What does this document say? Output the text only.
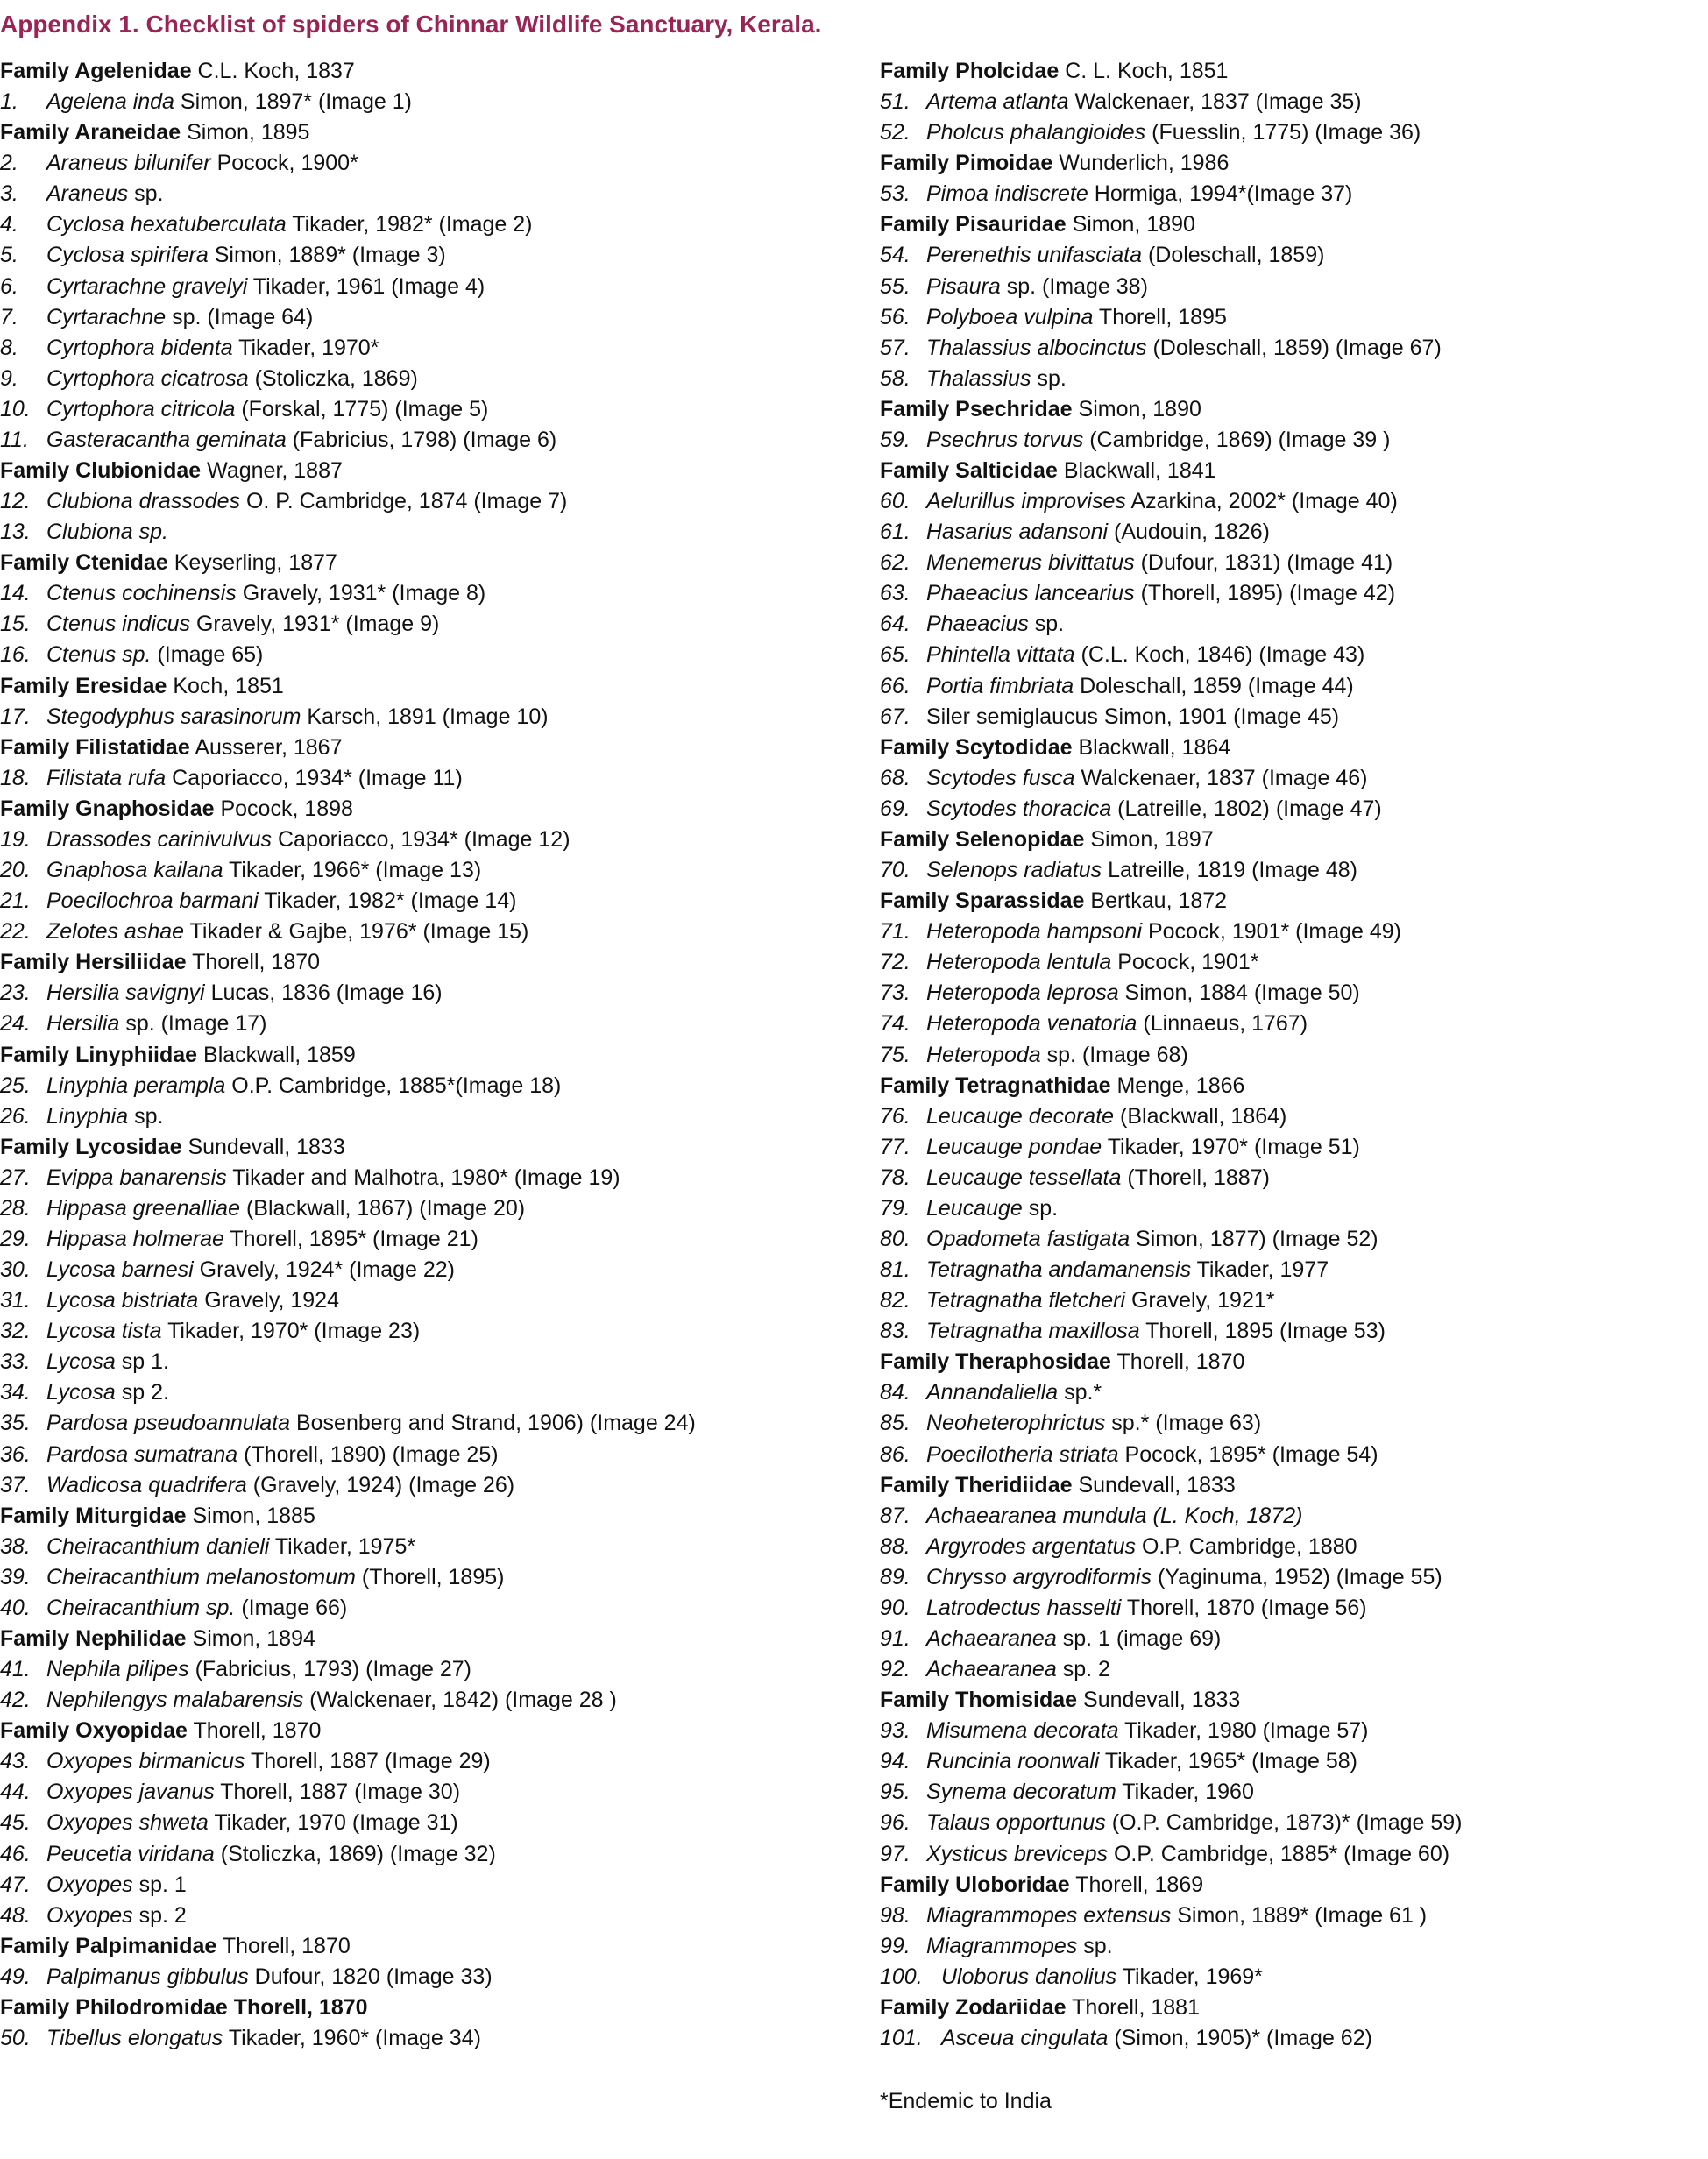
Appendix 1. Checklist of spiders of Chinnar Wildlife Sanctuary, Kerala.
Family Agelenidae C.L. Koch, 1837
1. Agelena inda Simon, 1897* (Image 1)
Family Araneidae Simon, 1895
2. Araneus bilunifer Pocock, 1900*
3. Araneus sp.
4. Cyclosa hexatuberculata Tikader, 1982* (Image 2)
5. Cyclosa spirifera Simon, 1889* (Image 3)
6. Cyrtarachne gravelyi Tikader, 1961 (Image 4)
7. Cyrtarachne sp. (Image 64)
8. Cyrtophora bidenta Tikader, 1970*
9. Cyrtophora cicatrosa (Stoliczka, 1869)
10. Cyrtophora citricola (Forskal, 1775) (Image 5)
11. Gasteracantha geminata (Fabricius, 1798) (Image 6)
Family Clubionidae Wagner, 1887
12. Clubiona drassodes O. P. Cambridge, 1874 (Image 7)
13. Clubiona sp.
Family Ctenidae Keyserling, 1877
14. Ctenus cochinensis Gravely, 1931* (Image 8)
15. Ctenus indicus Gravely, 1931* (Image 9)
16. Ctenus sp. (Image 65)
Family Eresidae Koch, 1851
17. Stegodyphus sarasinorum Karsch, 1891 (Image 10)
Family Filistatidae Ausserer, 1867
18. Filistata rufa Caporiacco, 1934* (Image 11)
Family Gnaphosidae Pocock, 1898
19. Drassodes carinivulvus Caporiacco, 1934* (Image 12)
20. Gnaphosa kailana Tikader, 1966* (Image 13)
21. Poecilochroa barmani Tikader, 1982* (Image 14)
22. Zelotes ashae Tikader & Gajbe, 1976* (Image 15)
Family Hersiliidae Thorell, 1870
23. Hersilia savignyi Lucas, 1836 (Image 16)
24. Hersilia sp. (Image 17)
Family Linyphiidae Blackwall, 1859
25. Linyphia perampla O.P. Cambridge, 1885*(Image 18)
26. Linyphia sp.
Family Lycosidae Sundevall, 1833
27. Evippa banarensis Tikader and Malhotra, 1980* (Image 19)
28. Hippasa greenalliae (Blackwall, 1867) (Image 20)
29. Hippasa holmerae Thorell, 1895* (Image 21)
30. Lycosa barnesi Gravely, 1924* (Image 22)
31. Lycosa bistriata Gravely, 1924
32. Lycosa tista Tikader, 1970* (Image 23)
33. Lycosa sp 1.
34. Lycosa sp 2.
35. Pardosa pseudoannulata Bosenberg and Strand, 1906) (Image 24)
36. Pardosa sumatrana (Thorell, 1890) (Image 25)
37. Wadicosa quadrifera (Gravely, 1924) (Image 26)
Family Miturgidae Simon, 1885
38. Cheiracanthium danieli Tikader, 1975*
39. Cheiracanthium melanostomum (Thorell, 1895)
40. Cheiracanthium sp. (Image 66)
Family Nephilidae Simon, 1894
41. Nephila pilipes (Fabricius, 1793) (Image 27)
42. Nephilengys malabarensis (Walckenaer, 1842) (Image 28 )
Family Oxyopidae Thorell, 1870
43. Oxyopes birmanicus Thorell, 1887 (Image 29)
44. Oxyopes javanus Thorell, 1887 (Image 30)
45. Oxyopes shweta Tikader, 1970 (Image 31)
46. Peucetia viridana (Stoliczka, 1869) (Image 32)
47. Oxyopes sp. 1
48. Oxyopes sp. 2
Family Palpimanidae Thorell, 1870
49. Palpimanus gibbulus Dufour, 1820 (Image 33)
Family Philodromidae Thorell, 1870
50. Tibellus elongatus Tikader, 1960* (Image 34)
Family Pholcidae C. L. Koch, 1851
51. Artema atlanta Walckenaer, 1837 (Image 35)
52. Pholcus phalangioides (Fuesslin, 1775) (Image 36)
Family Pimoidae Wunderlich, 1986
53. Pimoa indiscrete Hormiga, 1994*(Image 37)
Family Pisauridae Simon, 1890
54. Perenethis unifasciata (Doleschall, 1859)
55. Pisaura sp. (Image 38)
56. Polyboea vulpina Thorell, 1895
57. Thalassius albocinctus (Doleschall, 1859) (Image 67)
58. Thalassius sp.
Family Psechridae Simon, 1890
59. Psechrus torvus (Cambridge, 1869) (Image 39 )
Family Salticidae Blackwall, 1841
60. Aelurillus improvises Azarkina, 2002* (Image 40)
61. Hasarius adansoni (Audouin, 1826)
62. Menemerus bivittatus (Dufour, 1831) (Image 41)
63. Phaeacius lancearius (Thorell, 1895) (Image 42)
64. Phaeacius sp.
65. Phintella vittata (C.L. Koch, 1846) (Image 43)
66. Portia fimbriata Doleschall, 1859 (Image 44)
67. Siler semiglaucus Simon, 1901 (Image 45)
Family Scytodidae Blackwall, 1864
68. Scytodes fusca Walckenaer, 1837 (Image 46)
69. Scytodes thoracica (Latreille, 1802) (Image 47)
Family Selenopidae Simon, 1897
70. Selenops radiatus Latreille, 1819 (Image 48)
Family Sparassidae Bertkau, 1872
71. Heteropoda hampsoni Pocock, 1901* (Image 49)
72. Heteropoda lentula Pocock, 1901*
73. Heteropoda leprosa Simon, 1884 (Image 50)
74. Heteropoda venatoria (Linnaeus, 1767)
75. Heteropoda sp. (Image 68)
Family Tetragnathidae Menge, 1866
76. Leucauge decorate (Blackwall, 1864)
77. Leucauge pondae Tikader, 1970* (Image 51)
78. Leucauge tessellata (Thorell, 1887)
79. Leucauge sp.
80. Opadometa fastigata Simon, 1877) (Image 52)
81. Tetragnatha andamanensis Tikader, 1977
82. Tetragnatha fletcheri Gravely, 1921*
83. Tetragnatha maxillosa Thorell, 1895 (Image 53)
Family Theraphosidae Thorell, 1870
84. Annandaliella sp.*
85. Neoheterophrictus sp.* (Image 63)
86. Poecilotheria striata Pocock, 1895* (Image 54)
Family Theridiidae Sundevall, 1833
87. Achaearanea mundula (L. Koch, 1872)
88. Argyrodes argentatus O.P. Cambridge, 1880
89. Chrysso argyrodiformis (Yaginuma, 1952) (Image 55)
90. Latrodectus hasselti Thorell, 1870 (Image 56)
91. Achaearanea sp. 1 (image 69)
92. Achaearanea sp. 2
Family Thomisidae Sundevall, 1833
93. Misumena decorata Tikader, 1980 (Image 57)
94. Runcinia roonwali Tikader, 1965* (Image 58)
95. Synema decoratum Tikader, 1960
96. Talaus opportunus (O.P. Cambridge, 1873)* (Image 59)
97. Xysticus breviceps O.P. Cambridge, 1885* (Image 60)
Family Uloboridae Thorell, 1869
98. Miagrammopes extensus Simon, 1889* (Image 61 )
99. Miagrammopes sp.
100. Uloborus danolius Tikader, 1969*
Family Zodariidae Thorell, 1881
101. Asceua cingulata (Simon, 1905)* (Image 62)
*Endemic to India
